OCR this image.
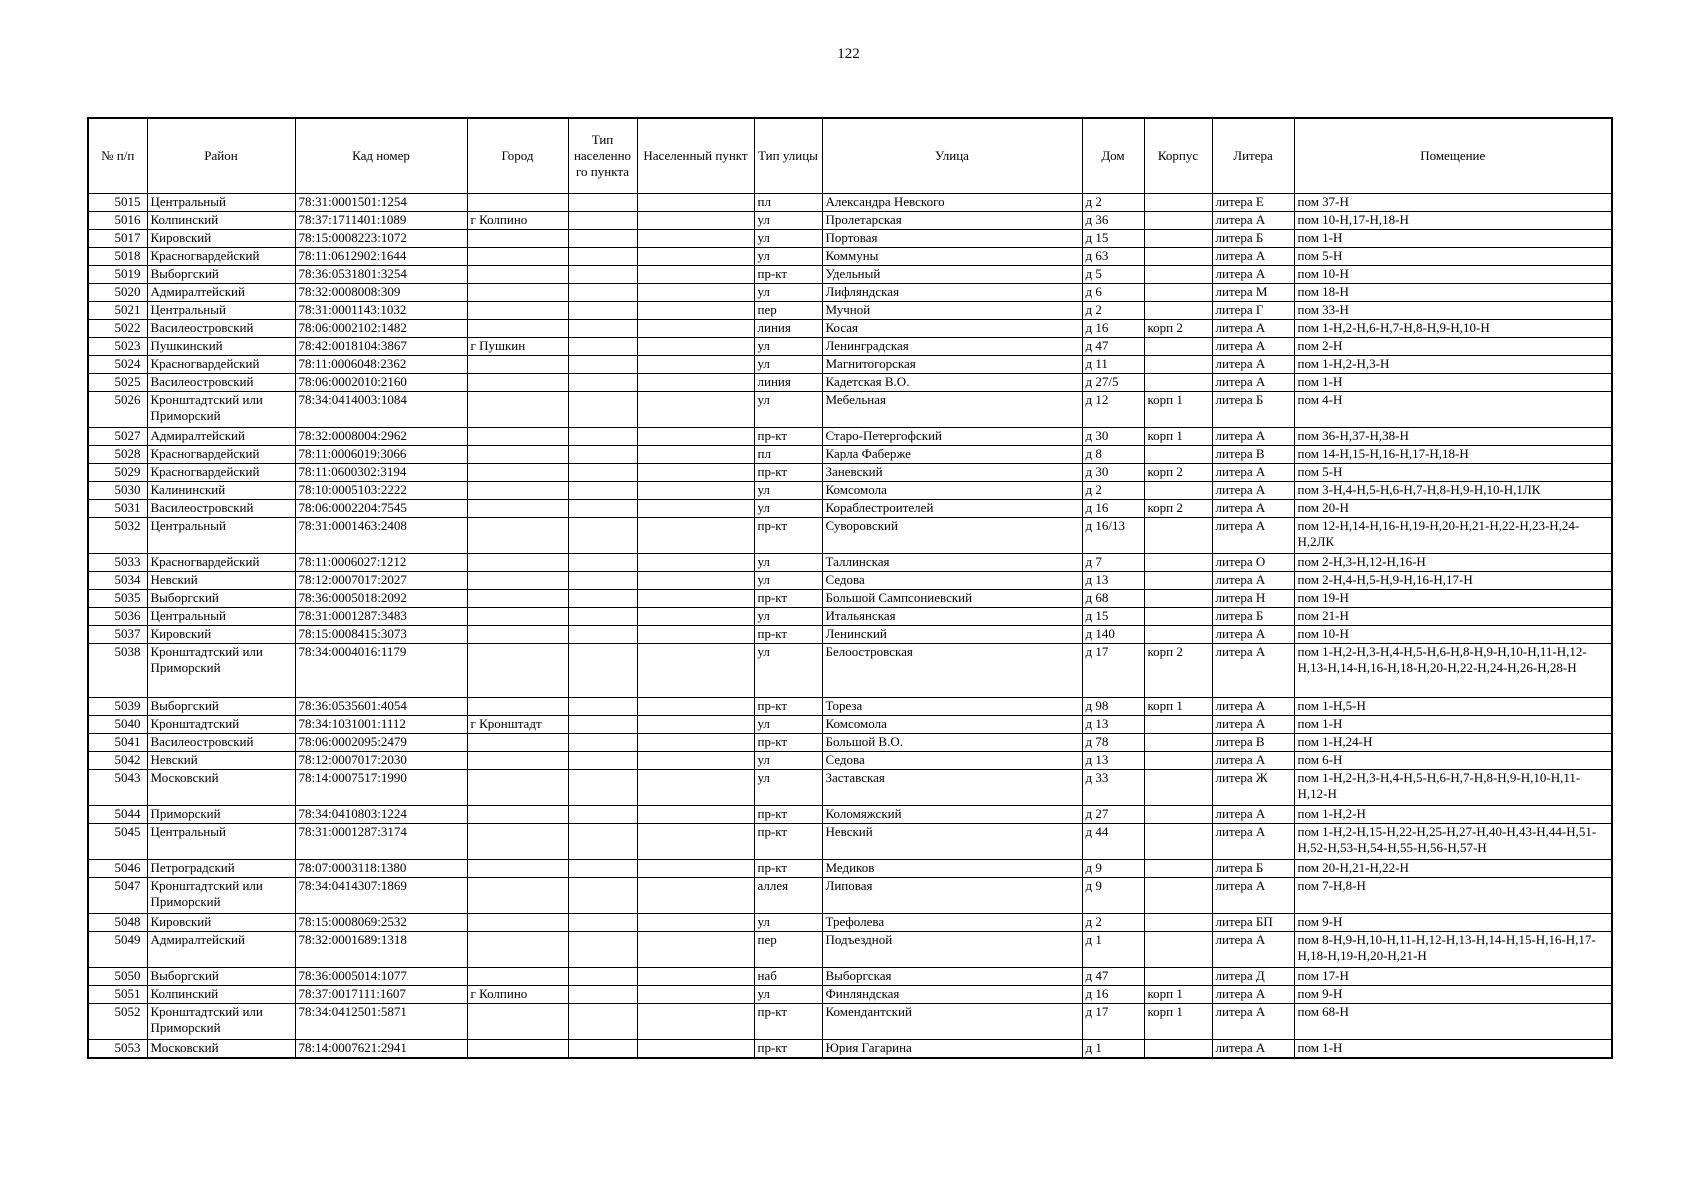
122
№ п/п	Район	Кад номер	Город	Тип населенного пункта	Населенный пункт	Тип улицы	Улица	Дом	Корпус	Литера	Помещение
5015	Центральный	78:31:0001501:1254				пл	Александра Невского	д 2		литера Е	пом 37-Н
5016	Колпинский	78:37:1711401:1089	г Колпино			ул	Пролетарская	д 36		литера А	пом 10-Н,17-Н,18-Н
5017	Кировский	78:15:0008223:1072				ул	Портовая	д 15		литера Б	пом 1-Н
5018	Красногвардейский	78:11:0612902:1644				ул	Коммуны	д 63		литера А	пом 5-Н
5019	Выборгский	78:36:0531801:3254				пр-кт	Удельный	д 5		литера А	пом 10-Н
5020	Адмиралтейский	78:32:0008008:309				ул	Лифляндская	д 6		литера М	пом 18-Н
5021	Центральный	78:31:0001143:1032				пер	Мучной	д 2		литера Г	пом 33-Н
5022	Василеостровский	78:06:0002102:1482				линия	Косая	д 16	корп 2	литера А	пом 1-Н,2-Н,6-Н,7-Н,8-Н,9-Н,10-Н
5023	Пушкинский	78:42:0018104:3867	г Пушкин			ул	Ленинградская	д 47		литера А	пом 2-Н
5024	Красногвардейский	78:11:0006048:2362				ул	Магнитогорская	д 11		литера А	пом 1-Н,2-Н,3-Н
5025	Василеостровский	78:06:0002010:2160				линия	Кадетская В.О.	д 27/5		литера А	пом 1-Н
5026	Кронштадтский или Приморский	78:34:0414003:1084				ул	Мебельная	д 12	корп 1	литера Б	пом 4-Н
5027	Адмиралтейский	78:32:0008004:2962				пр-кт	Старо-Петергофский	д 30	корп 1	литера А	пом 36-Н,37-Н,38-Н
5028	Красногвардейский	78:11:0006019:3066				пл	Карла Фаберже	д 8		литера В	пом 14-Н,15-Н,16-Н,17-Н,18-Н
5029	Красногвардейский	78:11:0600302:3194				пр-кт	Заневский	д 30	корп 2	литера А	пом 5-Н
5030	Калининский	78:10:0005103:2222				ул	Комсомола	д 2		литера А	пом 3-Н,4-Н,5-Н,6-Н,7-Н,8-Н,9-Н,10-Н,1ЛК
5031	Василеостровский	78:06:0002204:7545				ул	Кораблестроителей	д 16	корп 2	литера А	пом 20-Н
5032	Центральный	78:31:0001463:2408				пр-кт	Суворовский	д 16/13		литера А	пом 12-Н,14-Н,16-Н,19-Н,20-Н,21-Н,22-Н,23-Н,24-Н,2ЛК
5033	Красногвардейский	78:11:0006027:1212				ул	Таллинская	д 7		литера О	пом 2-Н,3-Н,12-Н,16-Н
5034	Невский	78:12:0007017:2027				ул	Седова	д 13		литера А	пом 2-Н,4-Н,5-Н,9-Н,16-Н,17-Н
5035	Выборгский	78:36:0005018:2092				пр-кт	Большой Сампсониевский	д 68		литера Н	пом 19-Н
5036	Центральный	78:31:0001287:3483				ул	Итальянская	д 15		литера Б	пом 21-Н
5037	Кировский	78:15:0008415:3073				пр-кт	Ленинский	д 140		литера А	пом 10-Н
5038	Кронштадтский или Приморский	78:34:0004016:1179				ул	Белоостровская	д 17	корп 2	литера А	пом 1-Н,2-Н,3-Н,4-Н,5-Н,6-Н,8-Н,9-Н,10-Н,11-Н,12-Н,13-Н,14-Н,16-Н,18-Н,20-Н,22-Н,24-Н,26-Н,28-Н
5039	Выборгский	78:36:0535601:4054				пр-кт	Тореза	д 98	корп 1	литера А	пом 1-Н,5-Н
5040	Кронштадтский	78:34:1031001:1112	г Кронштадт			ул	Комсомола	д 13		литера А	пом 1-Н
5041	Василеостровский	78:06:0002095:2479				пр-кт	Большой В.О.	д 78		литера В	пом 1-Н,24-Н
5042	Невский	78:12:0007017:2030				ул	Седова	д 13		литера А	пом 6-Н
5043	Московский	78:14:0007517:1990				ул	Заставская	д 33		литера Ж	пом 1-Н,2-Н,3-Н,4-Н,5-Н,6-Н,7-Н,8-Н,9-Н,10-Н,11-Н,12-Н
5044	Приморский	78:34:0410803:1224				пр-кт	Коломяжский	д 27		литера А	пом 1-Н,2-Н
5045	Центральный	78:31:0001287:3174				пр-кт	Невский	д 44		литера А	пом 1-Н,2-Н,15-Н,22-Н,25-Н,27-Н,40-Н,43-Н,44-Н,51-Н,52-Н,53-Н,54-Н,55-Н,56-Н,57-Н
5046	Петроградский	78:07:0003118:1380				пр-кт	Медиков	д 9		литера Б	пом 20-Н,21-Н,22-Н
5047	Кронштадтский или Приморский	78:34:0414307:1869				аллея	Липовая	д 9		литера А	пом 7-Н,8-Н
5048	Кировский	78:15:0008069:2532				ул	Трефолева	д 2		литера БП	пом 9-Н
5049	Адмиралтейский	78:32:0001689:1318				пер	Подъездной	д 1		литера А	пом 8-Н,9-Н,10-Н,11-Н,12-Н,13-Н,14-Н,15-Н,16-Н,17-Н,18-Н,19-Н,20-Н,21-Н
5050	Выборгский	78:36:0005014:1077				наб	Выборгская	д 47		литера Д	пом 17-Н
5051	Колпинский	78:37:0017111:1607	г Колпино			ул	Финляндская	д 16	корп 1	литера А	пом 9-Н
5052	Кронштадтский или Приморский	78:34:0412501:5871				пр-кт	Комендантский	д 17	корп 1	литера А	пом 68-Н
5053	Московский	78:14:0007621:2941				пр-кт	Юрия Гагарина	д 1		литера А	пом 1-Н
